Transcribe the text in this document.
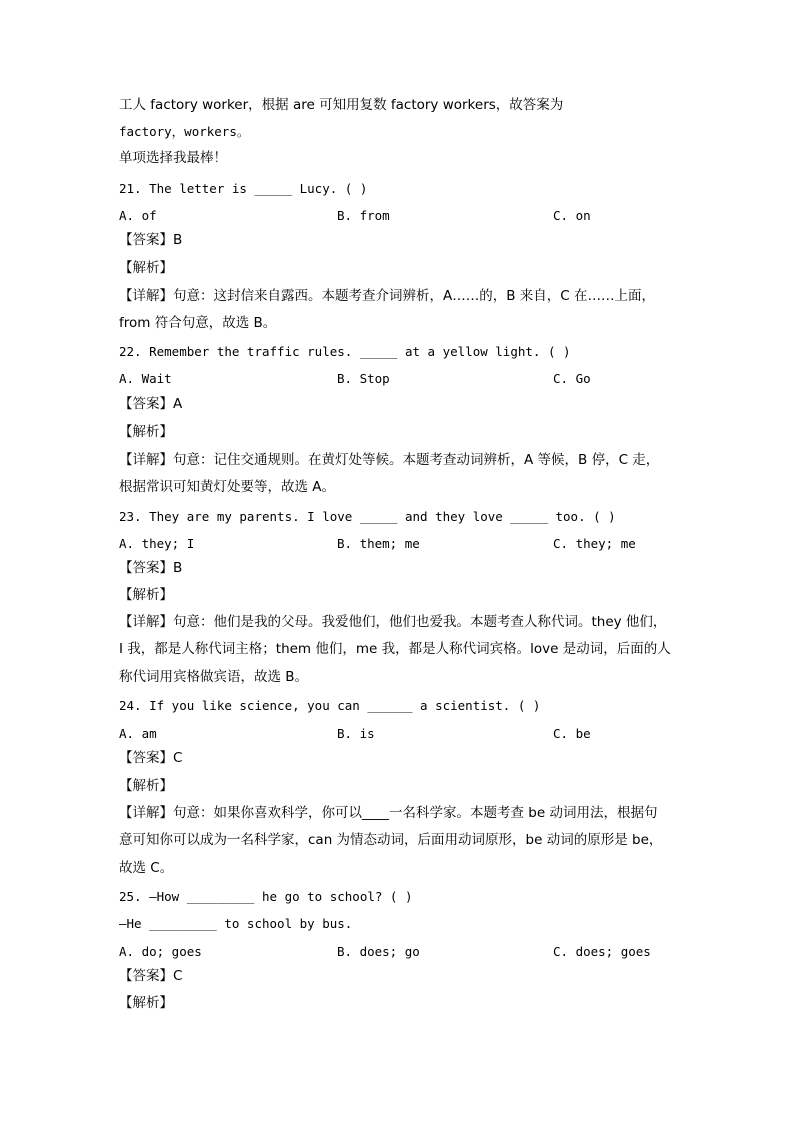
工人 factory worker，根据 are 可知用复数 factory workers，故答案为
factory，workers。
单项选择我最棒！
21. The letter is _____ Lucy. ( )
A. of	B. from	C. on
【答案】B
【解析】
【详解】句意：这封信来自露西。本题考查介词辨析，A……的，B 来自，C 在……上面，
from 符合句意，故选 B。
22. Remember the traffic rules. _____ at a yellow light. ( )
A. Wait	B. Stop	C. Go
【答案】A
【解析】
【详解】句意：记住交通规则。在黄灯处等候。本题考查动词辨析，A 等候，B 停，C 走，
根据常识可知黄灯处要等，故选 A。
23. They are my parents. I love _____ and they love _____ too. ( )
A. they; I	B. them; me	C. they; me
【答案】B
【解析】
【详解】句意：他们是我的父母。我爱他们，他们也爱我。本题考查人称代词。they 他们，
I 我，都是人称代词主格；them 他们，me 我，都是人称代词宾格。love 是动词，后面的人
称代词用宾格做宾语，故选 B。
24. If you like science, you can ______ a scientist. ( )
A. am	B. is	C. be
【答案】C
【解析】
【详解】句意：如果你喜欢科学，你可以____一名科学家。本题考查 be 动词用法，根据句
意可知你可以成为一名科学家，can 为情态动词，后面用动词原形，be 动词的原形是 be，
故选 C。
25. —How _________ he go to school? ( )
—He _________ to school by bus.
A. do; goes	B. does; go	C. does; goes
【答案】C
【解析】
